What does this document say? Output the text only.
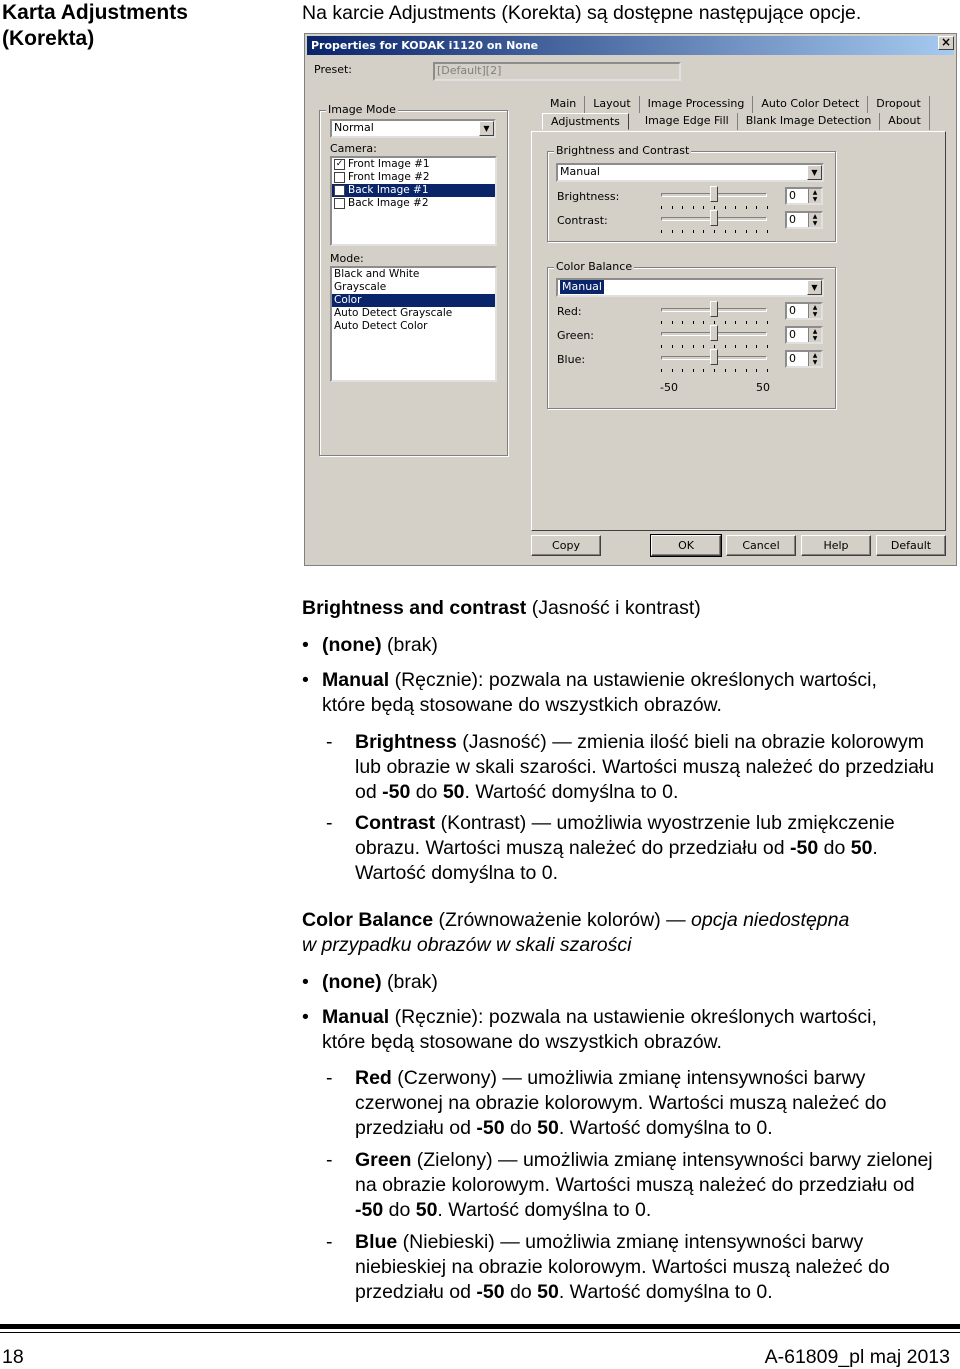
Karta Adjustments (Korekta)
Na karcie Adjustments (Korekta) są dostępne następujące opcje.
Properties for KODAK i1120 on None	×
Preset:	[Default][2]
Image Mode
Normal	▼
Camera:
✓ Front Image #1
Front Image #2
Back Image #1
Back Image #2
Mode:
Black and White
Grayscale
Color
Auto Detect Grayscale
Auto Detect Color
Main	Layout	Image Processing	Auto Color Detect	Dropout
Adjustments	Image Edge Fill	Blank Image Detection	About
Brightness and Contrast
Manual	▼
Brightness:	0	▲
▼
Contrast:	0	▲
▼
Color Balance
Manual	▼
Red:	0	▲
▼
Green:	0	▲
▼
Blue:	0	▲
▼
-50	50
Copy	OK	Cancel	Help	Default
Brightness and contrast (Jasność i kontrast)
• (none) (brak)
• Manual (Ręcznie): pozwala na ustawienie określonych wartości,
które będą stosowane do wszystkich obrazów.
- Brightness (Jasność) — zmienia ilość bieli na obrazie kolorowym
lub obrazie w skali szarości. Wartości muszą należeć do przedziału
od -50 do 50. Wartość domyślna to 0.
- Contrast (Kontrast) — umożliwia wyostrzenie lub zmiękczenie
obrazu. Wartości muszą należeć do przedziału od -50 do 50.
Wartość domyślna to 0.
Color Balance (Zrównoważenie kolorów) — opcja niedostępna
w przypadku obrazów w skali szarości
• (none) (brak)
• Manual (Ręcznie): pozwala na ustawienie określonych wartości,
które będą stosowane do wszystkich obrazów.
- Red (Czerwony) — umożliwia zmianę intensywności barwy
czerwonej na obrazie kolorowym. Wartości muszą należeć do
przedziału od -50 do 50. Wartość domyślna to 0.
- Green (Zielony) — umożliwia zmianę intensywności barwy zielonej
na obrazie kolorowym. Wartości muszą należeć do przedziału od
-50 do 50. Wartość domyślna to 0.
- Blue (Niebieski) — umożliwia zmianę intensywności barwy
niebieskiej na obrazie kolorowym. Wartości muszą należeć do
przedziału od -50 do 50. Wartość domyślna to 0.
18	A-61809_pl maj 2013
